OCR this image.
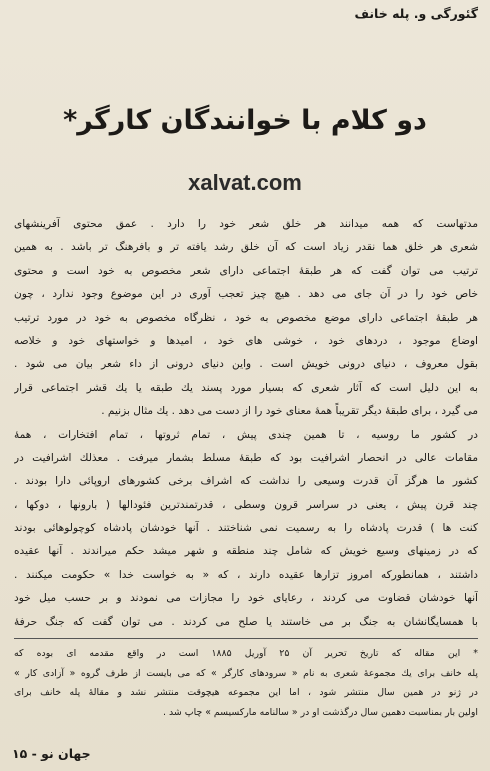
گئورگی و. پله خانف
دو کلام با خوانندگان کارگر*
xalvat.com
مدتهاست که همه میدانند هر خلق شعر خود را دارد . عمق محتوی آفرینشهای
شعری هر خلق هما نقدر زیاد است که آن خلق رشد یافته تر و بافرهنگ تر باشد . به همین
ترتیب می توان گفت که هر طبقهٔ اجتماعی دارای شعر مخصوص به خود است و محتوی
خاص خود را در آن جای می دهد . هیچ چیز تعجب آوری در این موضوع وجود ندارد ، چون
هر طبقهٔ اجتماعی دارای موضع مخصوص به خود ، نظرگاه مخصوص به خود در مورد ترتیب
اوضاع موجود ، دردهای خود ، خوشی های خود ، امیدها و خواستهای خود و خلاصه
بقول معروف ، دنیای درونی خویش است . واین دنیای درونی از داء شعر بیان می شود .
به این دلیل است که آثار شعری که بسیار مورد پسند یك طبقه یا یك قشر اجتماعی قرار
می گیرد ، برای طبقهٔ دیگر تقریباً همهٔ معنای خود را از دست می دهد . یك مثال بزنیم .
در کشور ما روسیه ، تا همین چندی پیش ، تمام ثروتها ، تمام افتخارات ، همهٔ
مقامات عالی در انحصار اشرافیت بود که طبقهٔ مسلط بشمار میرفت . معذلك اشرافیت در
کشور ما هرگز آن قدرت وسیعی را نداشت که اشراف برخی کشورهای اروپائی دارا بودند .
چند قرن پیش ، یعنی در سراسر قرون وسطی ، قدرتمندترین فئودالها ( بارونها ، دوكها ،
کنت ها ) قدرت پادشاه را به رسمیت نمی شناختند . آنها خودشان پادشاه کوچولوهائی بودند
که در زمینهای وسیع خویش که شامل چند منطقه و شهر میشد حکم میراندند . آنها عقیده
داشتند ، همانطورکه امروز تزارها عقیده دارند ، که « به خواست خدا » حکومت میکنند .
آنها خودشان قضاوت می کردند ، رعایای خود را مجازات می نمودند و بر حسب میل خود
با همسایگانشان به جنگ بر می خاستند یا صلح می کردند . می توان گفت که جنگ حرفهٔ
* این مقاله که تاریخ تحریر آن ۲۵ آوریل ۱۸۸۵ است در واقع مقدمه ای بوده که
پله خانف برای یك مجموعهٔ شعری به نام « سرودهای کارگر » که می بایست از طرف گروه « آزادی کار »
در ژنو در همین سال منتشر شود ، اما این مجموعه هیچوقت منتشر نشد و مقالهٔ پله خانف برای
اولین بار بمناسبت دهمین سال درگذشت او در « سالنامه مارکسیسم » چاپ شد .
جهان نو - ۱۵
